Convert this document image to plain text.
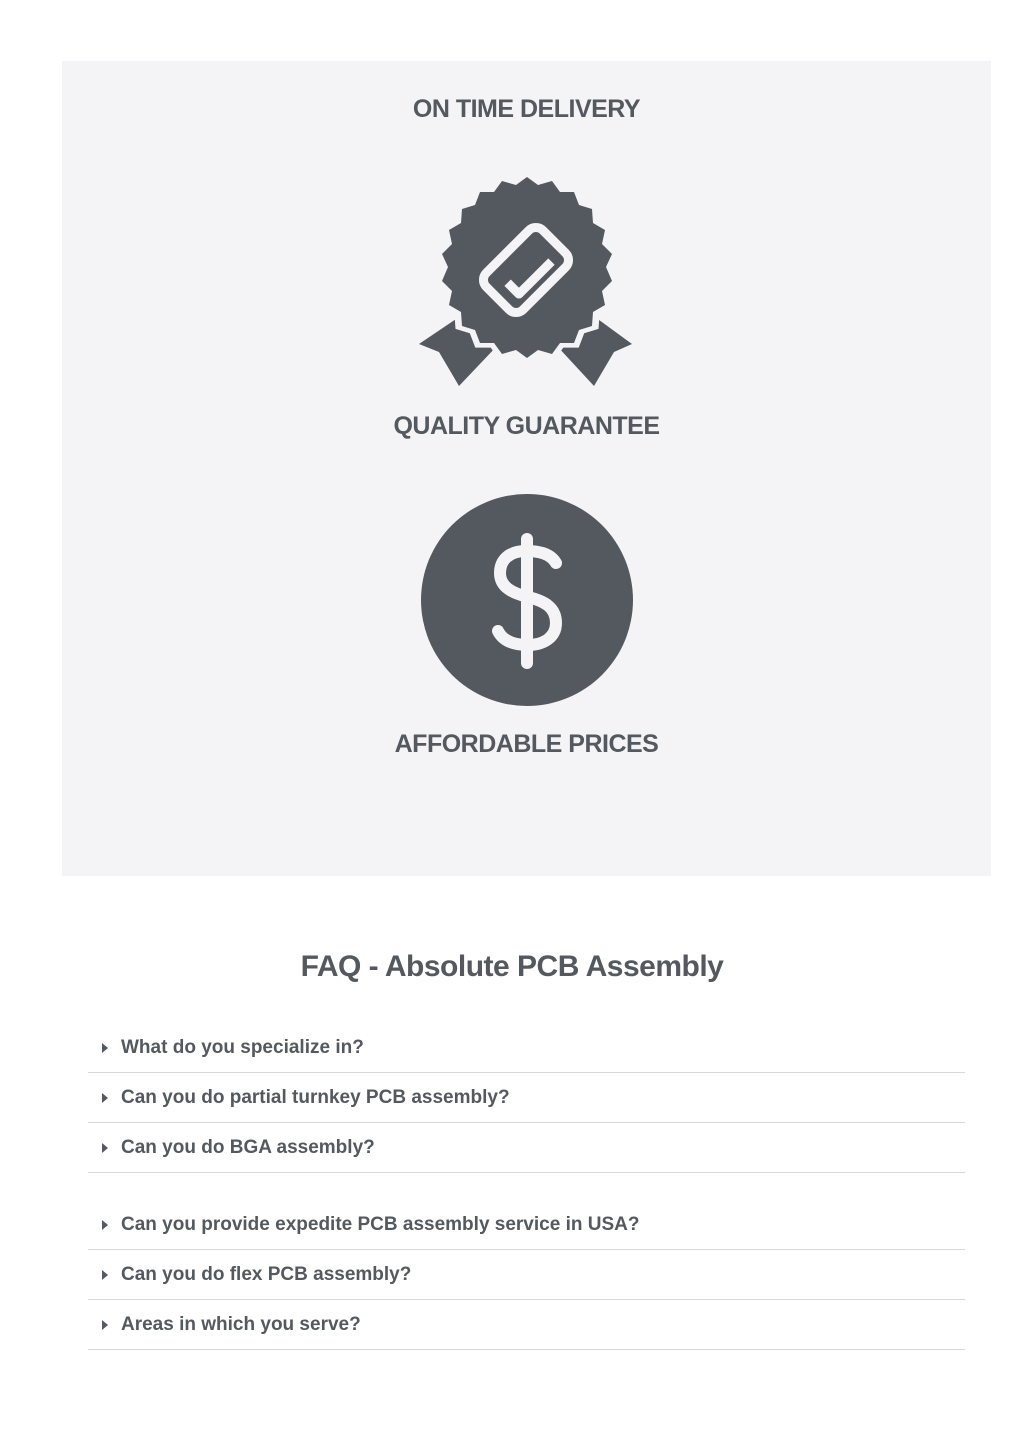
ON TIME DELIVERY
QUALITY GUARANTEE
AFFORDABLE PRICES
FAQ - Absolute PCB Assembly
What do you specialize in?
Can you do partial turnkey PCB assembly?
Can you do BGA assembly?
Can you provide expedite PCB assembly service in USA?
Can you do flex PCB assembly?
Areas in which you serve?
